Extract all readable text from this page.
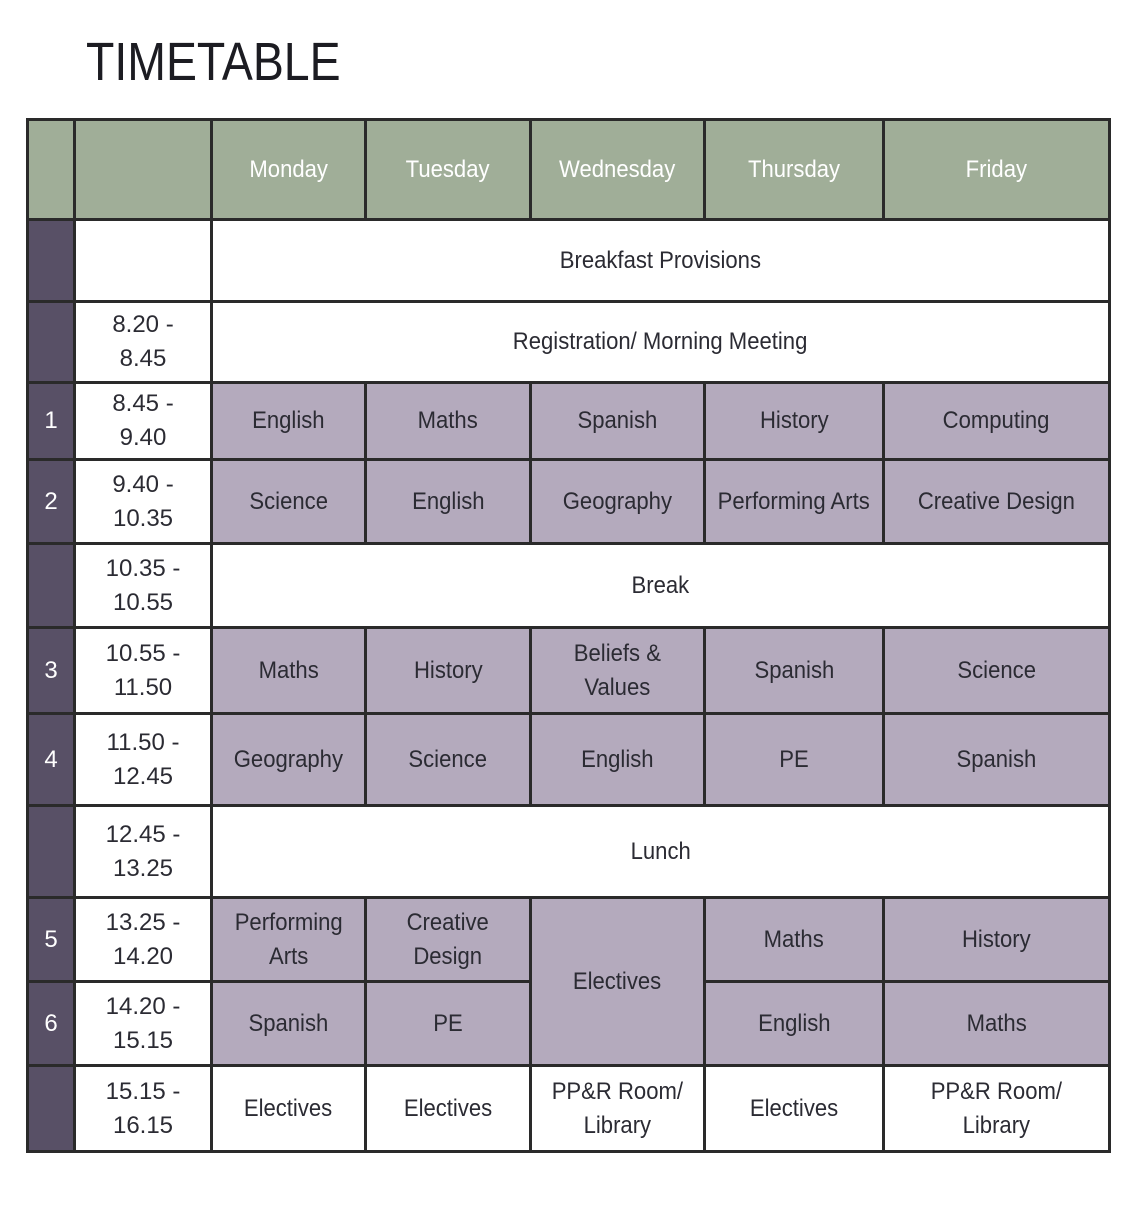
TIMETABLE
		Monday	Tuesday	Wednesday	Thursday	Friday
		Breakfast Provisions				
	8.20 -
8.45	Registration/ Morning Meeting				
1	8.45 -
9.40	English	Maths	Spanish	History	Computing
2	9.40 -
10.35	Science	English	Geography	Performing Arts	Creative Design
	10.35 -
10.55	Break				
3	10.55 -
11.50	Maths	History	Beliefs &
Values	Spanish	Science
4	11.50 -
12.45	Geography	Science	English	PE	Spanish
	12.45 -
13.25	Lunch				
5	13.25 -
14.20	Performing
Arts	Creative
Design	Electives	Maths	History
6	14.20 -
15.15	Spanish	PE		English	Maths
	15.15 -
16.15	Electives	Electives	PP&R Room/
Library	Electives	PP&R Room/
Library
